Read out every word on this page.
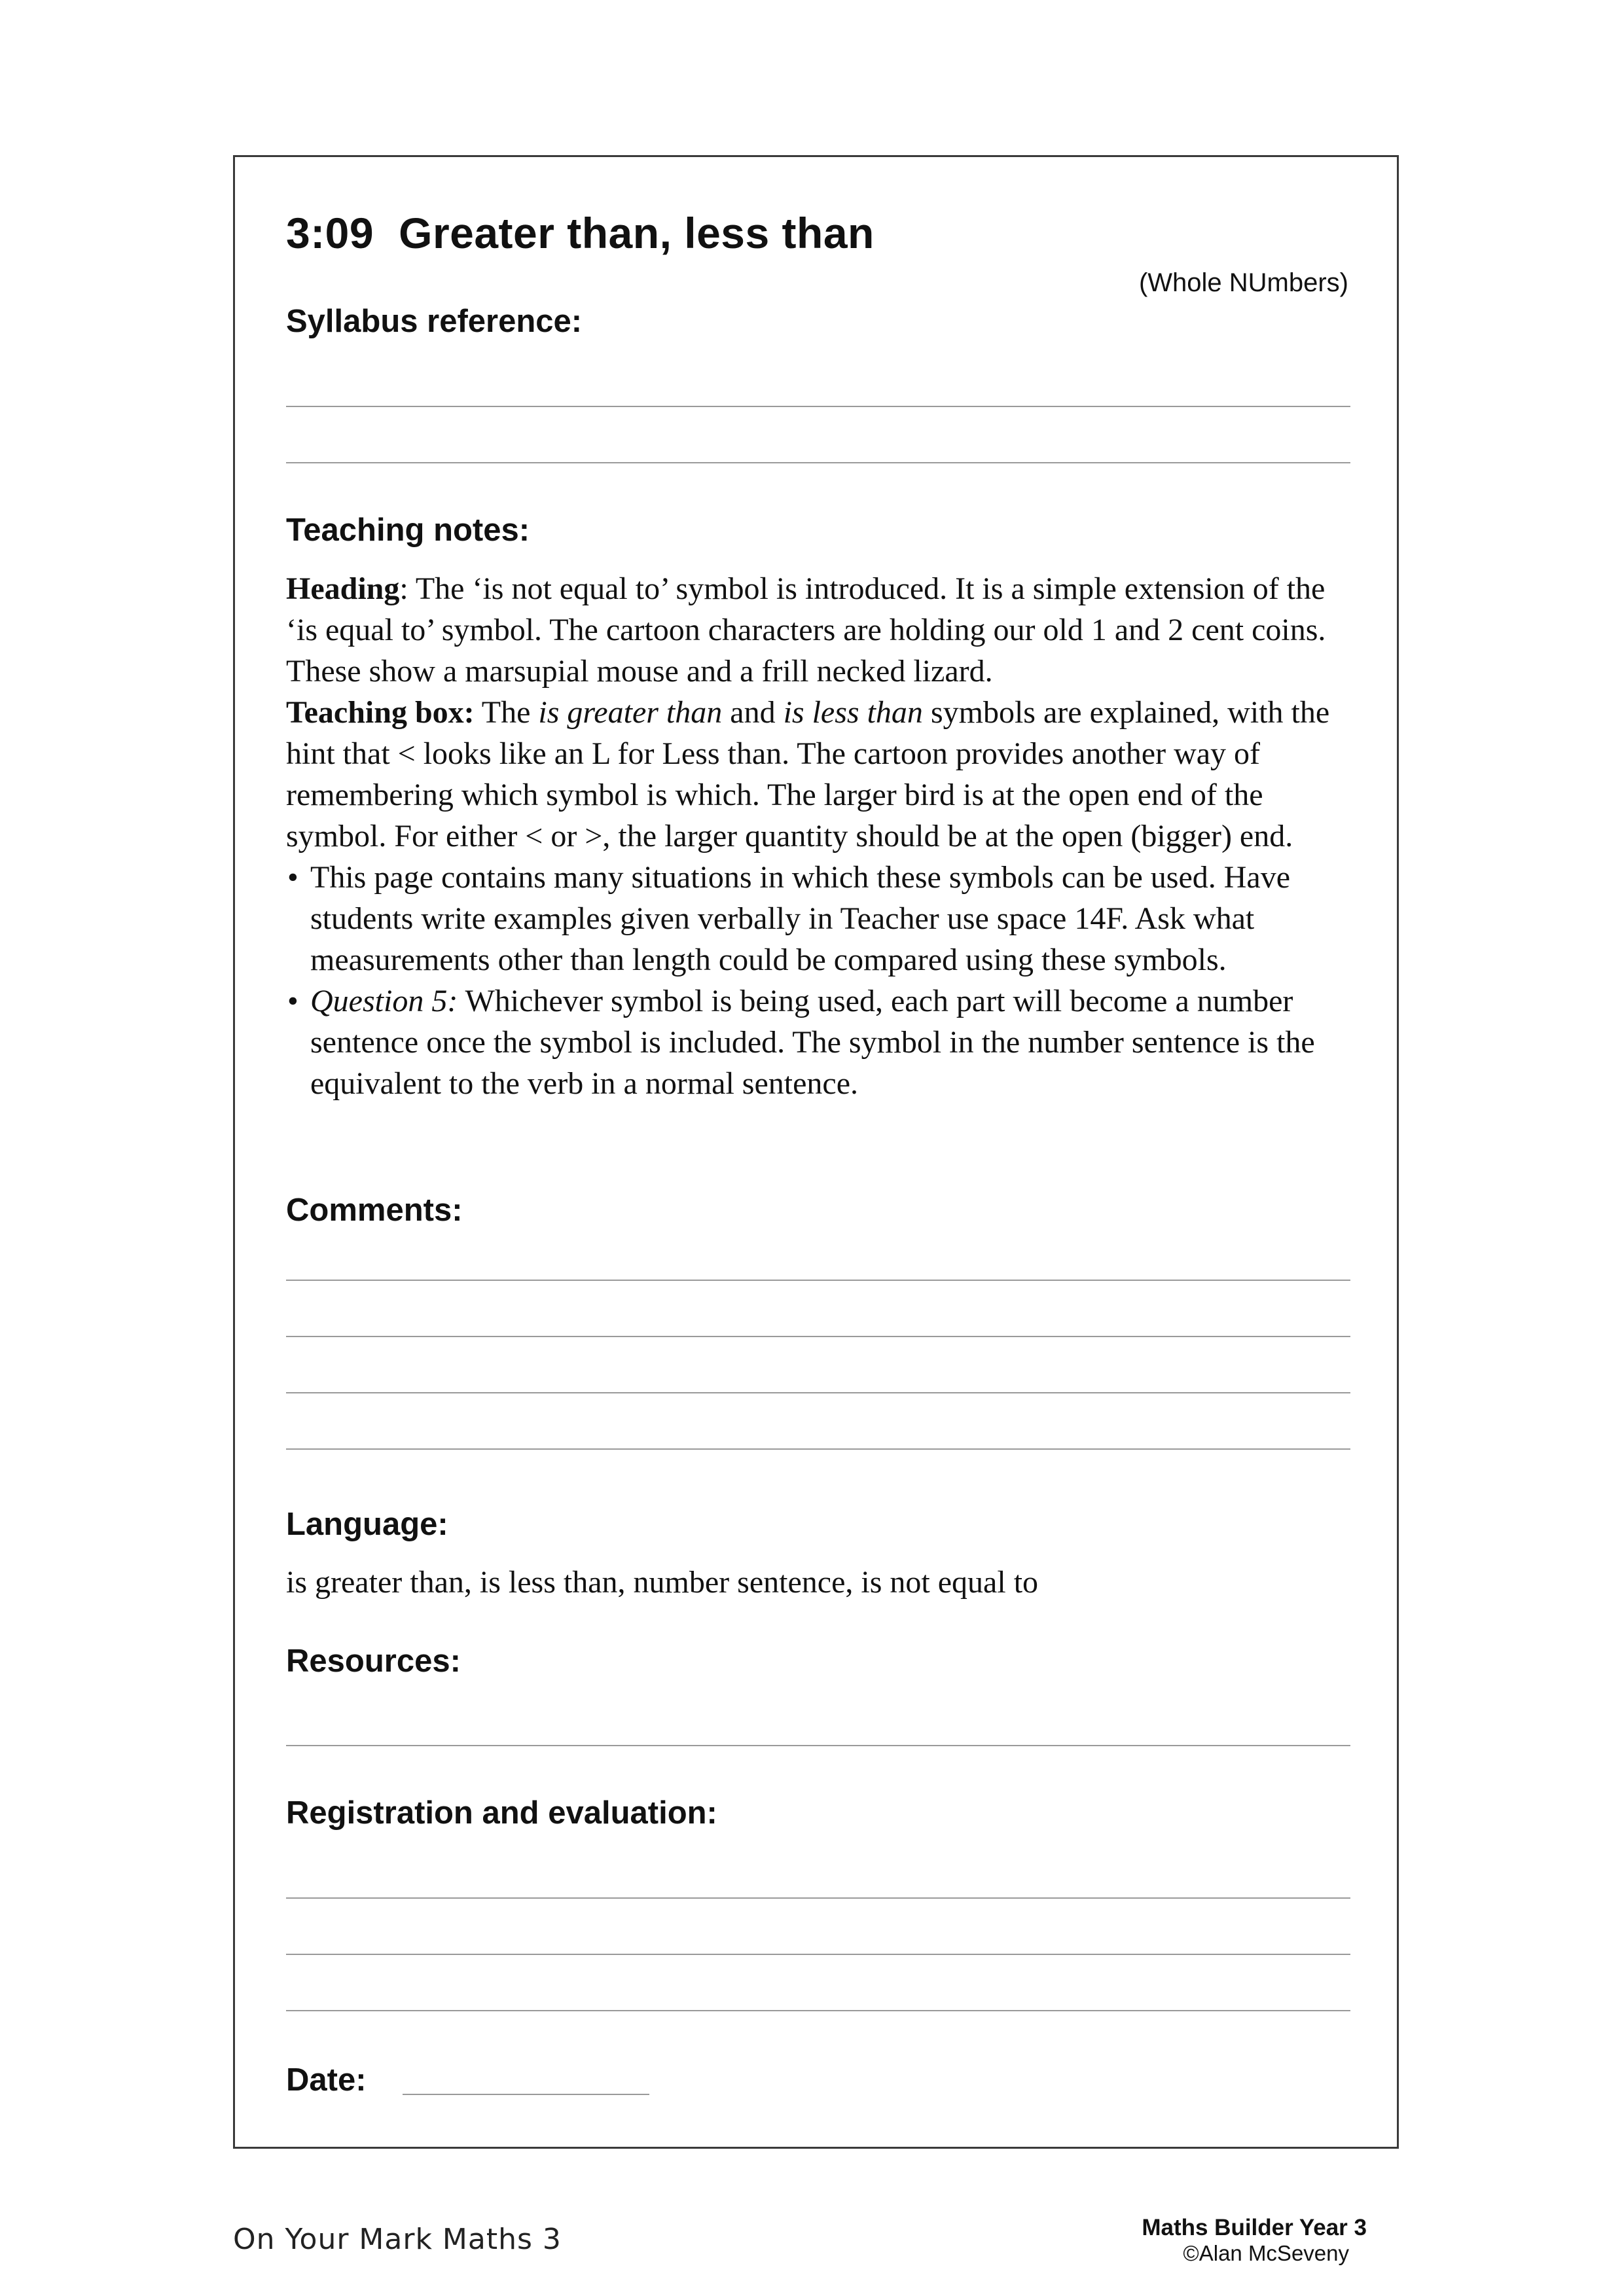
3:09 Greater than, less than
(Whole NUmbers)
Syllabus reference:
Teaching notes:

Heading: The ‘is not equal to’ symbol is introduced. It is a simple extension of the ‘is equal to’ symbol. The cartoon characters are holding our old 1 and 2 cent coins. These show a marsupial mouse and a frill necked lizard.

Teaching box: The is greater than and is less than symbols are explained, with the hint that < looks like an L for Less than. The cartoon provides another way of remembering which symbol is which. The larger bird is at the open end of the symbol. For either < or >, the larger quantity should be at the open (bigger) end.

• This page contains many situations in which these symbols can be used. Have students write examples given verbally in Teacher use space 14F. Ask what measurements other than length could be compared using these symbols.
• Question 5: Whichever symbol is being used, each part will become a number sentence once the symbol is included. The symbol in the number sentence is the equivalent to the verb in a normal sentence.
Comments:
Language:
is greater than, is less than, number sentence, is not equal to
Resources:
Registration and evaluation:
Date:
On Your Mark Maths 3	Maths Builder Year 3
©Alan McSeveny
